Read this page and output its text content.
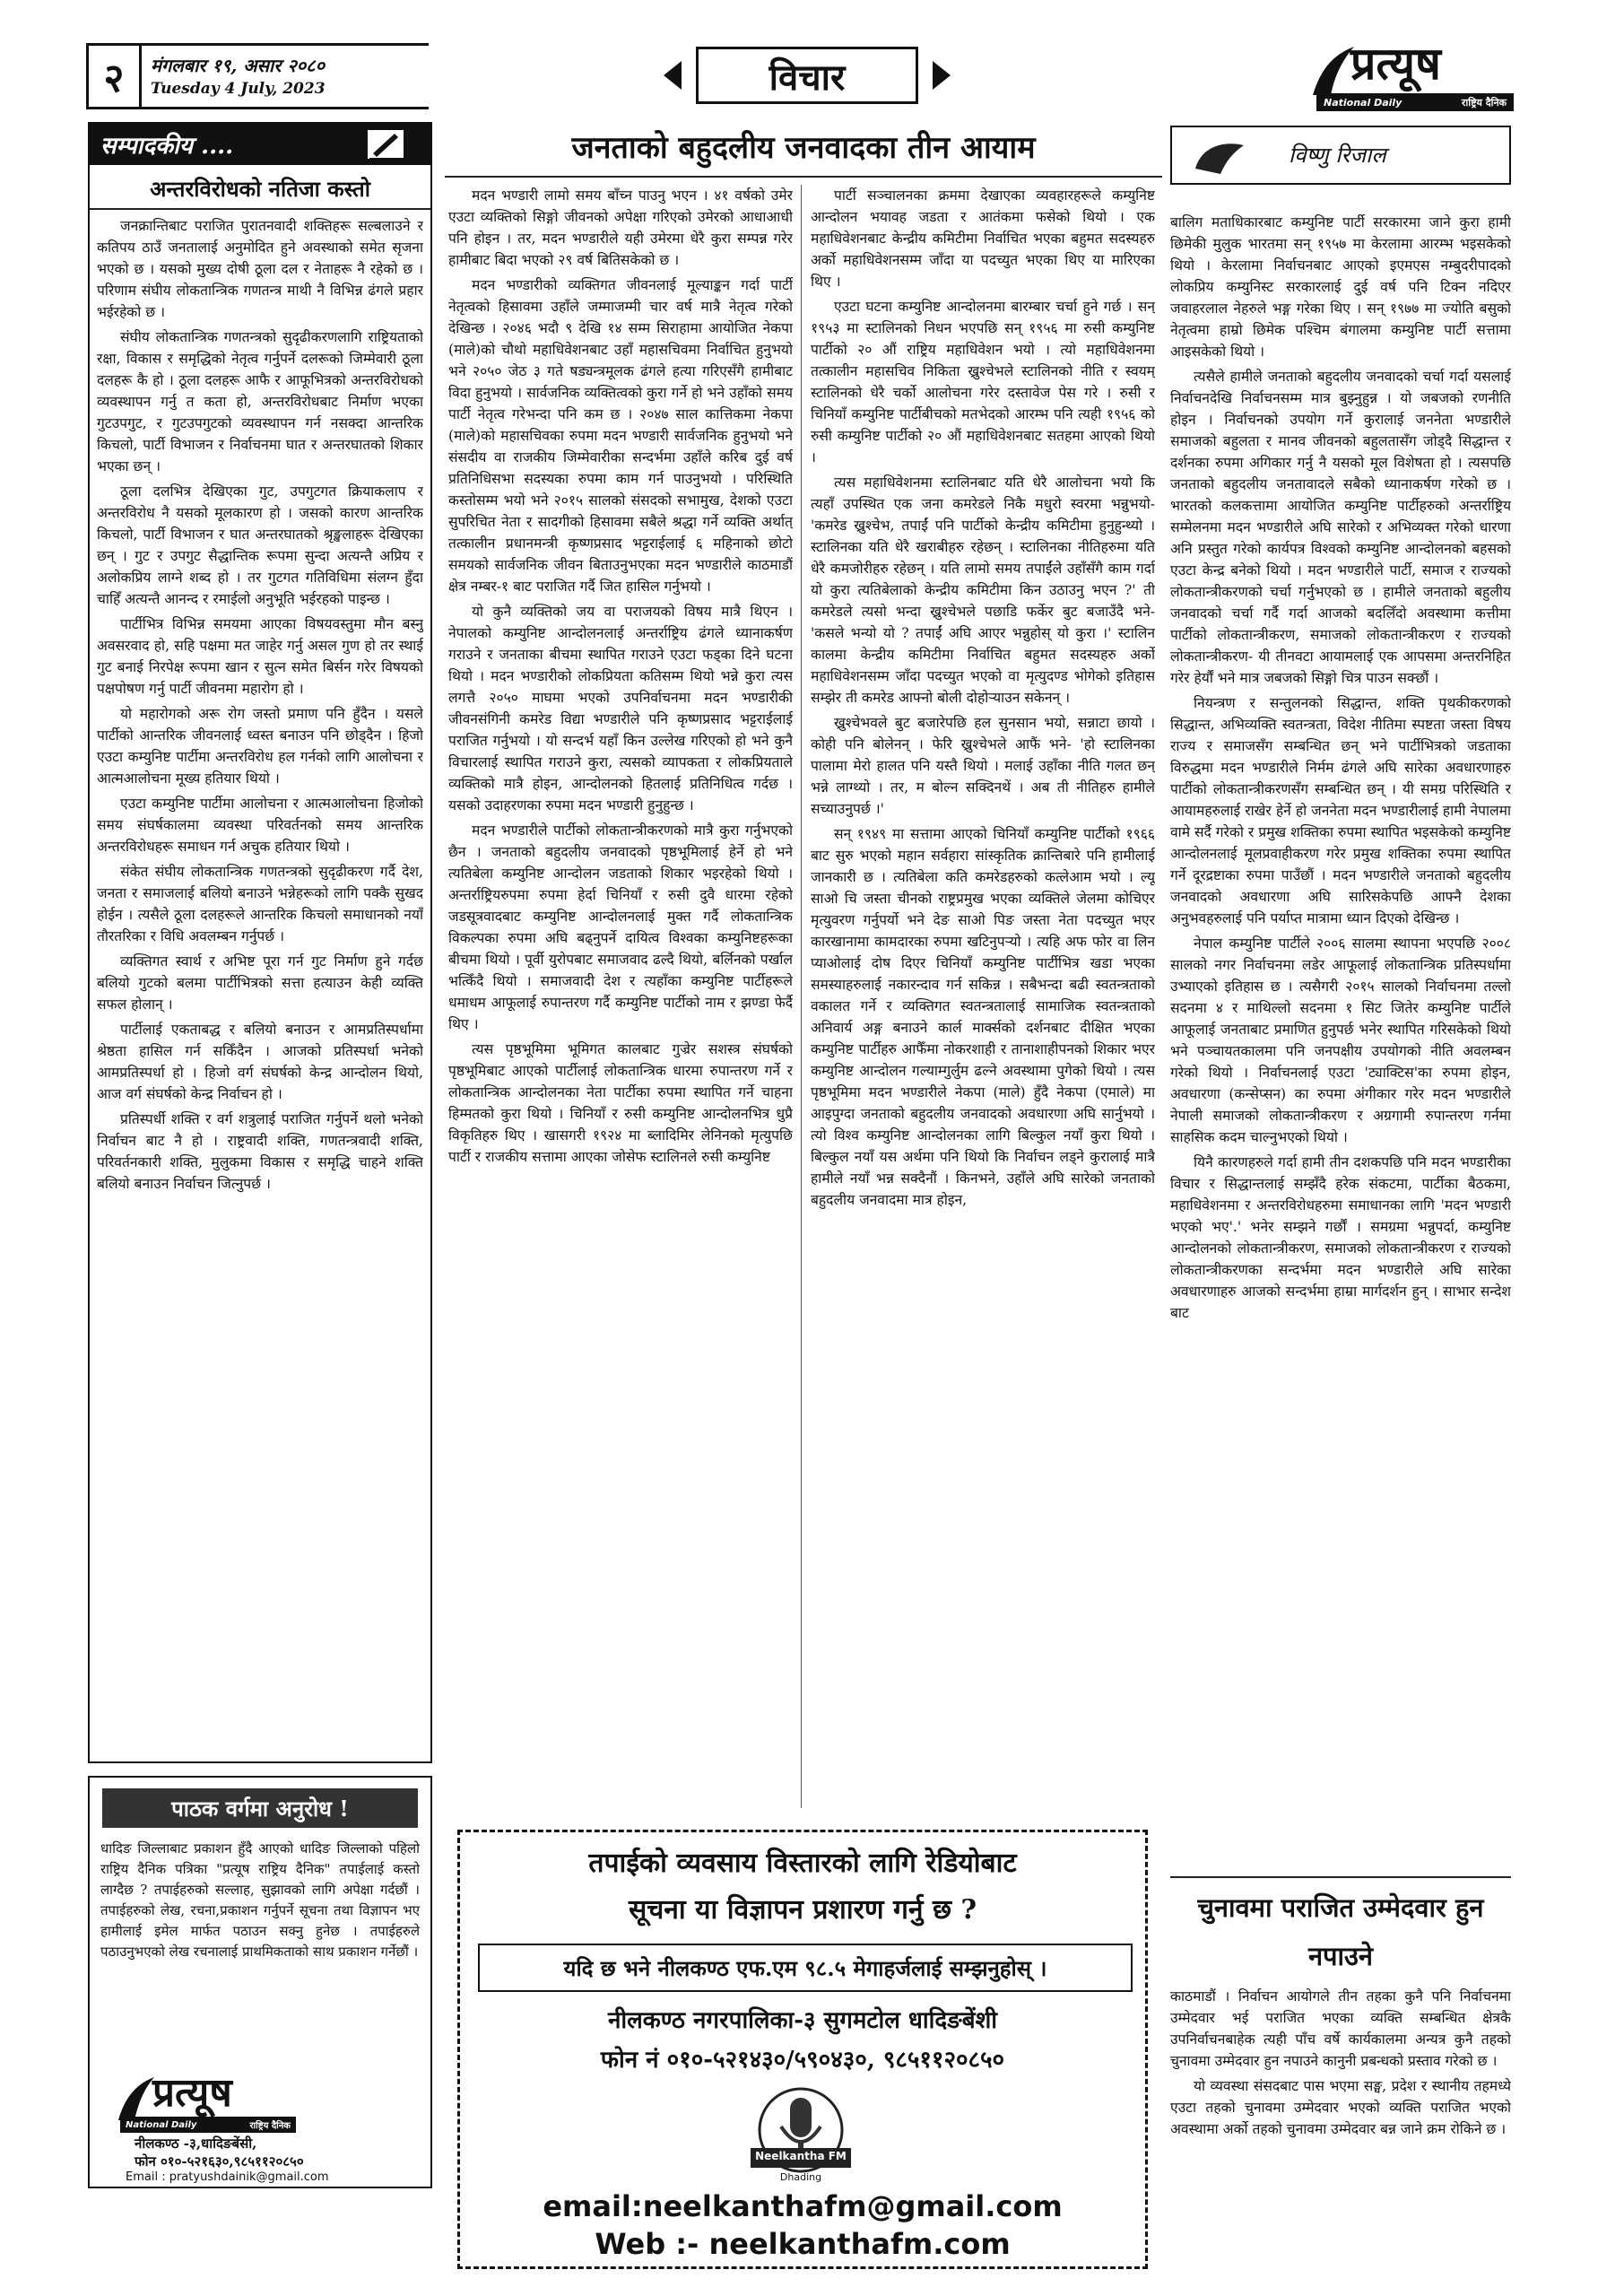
२ मंगलबार १९, असार २०८०
Tuesday 4 July, 2023	विचार	प्रत्यूष
National Daily	राष्ट्रिय दैनिक
सम्पादकीय ....
अन्तरविरोधको नतिजा कस्तो

जनक्रान्तिबाट पराजित पुरातनवादी शक्तिहरू सल्बलाउने र कतिपय ठाउँ जनतालाई अनुमोदित हुने अवस्थाको समेत सृजना भएको छ । यसको मुख्य दोषी ठूला दल र नेताहरू नै रहेको छ । परिणाम संघीय लोकतान्त्रिक गणतन्त्र माथी नै विभिन्न ढंगले प्रहार भईरहेको छ ।

संघीय लोकतान्त्रिक गणतन्त्रको सुदृढीकरणलागि राष्ट्रियताको रक्षा, विकास र समृद्धिको नेतृत्व गर्नुपर्ने दलरूको जिम्मेवारी ठूला दलहरू कै हो । ठूला दलहरू आफै र आफूभित्रको अन्तरविरोधको व्यवस्थापन गर्नु त कता हो, अन्तरविरोधबाट निर्माण भएका गुटउपगुट, र गुटउपगुटको व्यवस्थापन गर्न नसक्दा आन्तरिक किचलो, पार्टी विभाजन र निर्वाचनमा घात र अन्तरघातको शिकार भएका छन् ।

ठूला दलभित्र देखिएका गुट, उपगुटगत क्रियाकलाप र अन्तरविरोध नै यसको मूलकारण हो । जसको कारण आन्तरिक किचलो, पार्टी विभाजन र घात अन्तरघातको श्रृङ्खलाहरू देखिएका छन् । गुट र उपगुट सैद्धान्तिक रूपमा सुन्दा अत्यन्तै अप्रिय र अलोकप्रिय लाग्ने शब्द हो । तर गुटगत गतिविधिमा संलग्न हुँदा चाहिँ अत्यन्तै आनन्द र रमाईलो अनुभूति भईरहको पाइन्छ ।

पार्टीभित्र विभिन्न समयमा आएका विषयवस्तुमा मौन बस्नु अवसरवाद हो, सहि पक्षमा मत जाहेर गर्नु असल गुण हो तर स्थाई गुट बनाई निरपेक्ष रूपमा खान र सुत्न समेत बिर्सन गरेर विषयको पक्षपोषण गर्नु पार्टी जीवनमा महारोग हो ।

यो महारोगको अरू रोग जस्तो प्रमाण पनि हुँदैन । यसले पार्टीको आन्तरिक जीवनलाई ध्वस्त बनाउन पनि छोड्दैन । हिजो एउटा कम्युनिष्ट पार्टीमा अन्तरविरोध हल गर्नको लागि आलोचना र आत्मआलोचना मूख्य हतियार थियो ।

एउटा कम्युनिष्ट पार्टीमा आलोचना र आत्मआलोचना हिजोको समय संघर्षकालमा व्यवस्था परिवर्तनको समय आन्तरिक अन्तरविरोधहरू समाधन गर्न अचुक हतियार थियो ।

संकेत संघीय लोकतान्त्रिक गणतन्त्रको सुदृढीकरण गर्दै देश, जनता र समाजलाई बलियो बनाउने भन्नेहरूको लागि पक्कै सुखद होईन । त्यसैले ठूला दलहरूले आन्तरिक किचलो समाधानको नयाँ तौरतरिका र विधि अवलम्बन गर्नुपर्छ ।

व्यक्तिगत स्वार्थ र अभिष्ट पूरा गर्न गुट निर्माण हुने गर्दछ बलियो गुटको बलमा पार्टीभित्रको सत्ता हत्याउन केही व्यक्ति सफल होलान् ।

पार्टीलाई एकताबद्ध र बलियो बनाउन र आमप्रतिस्पर्धामा श्रेष्ठता हासिल गर्न सकिँदैन । आजको प्रतिस्पर्धा भनेको आमप्रतिस्पर्धा हो । हिजो वर्ग संघर्षको केन्द्र आन्दोलन थियो, आज वर्ग संघर्षको केन्द्र निर्वाचन हो ।

प्रतिस्पर्धी शक्ति र वर्ग शत्रुलाई पराजित गर्नुपर्ने थलो भनेको निर्वाचन बाट नै हो । राष्ट्रवादी शक्ति, गणतन्त्रवादी शक्ति, परिवर्तनकारी शक्ति, मुलुकमा विकास र समृद्धि चाहने शक्ति बलियो बनाउन निर्वाचन जित्नुपर्छ ।

पाठक वर्गमा अनुरोध !
धादिङ जिल्लाबाट प्रकाशन हुँदै आएको धादिङ जिल्लाको पहिलो राष्ट्रिय दैनिक पत्रिका "प्रत्यूष राष्ट्रिय दैनिक" तपाईलाई कस्तो लाग्दैछ ? तपाईहरुको सल्लाह, सुझावको लागि अपेक्षा गर्दछौं । तपाईहरुको लेख, रचना,प्रकाशन गर्नुपर्ने सूचना तथा विज्ञापन भए हामीलाई इमेल मार्फत पठाउन सक्नु हुनेछ । तपाईहरुले पठाउनुभएको लेख रचनालाई प्राथमिकताको साथ प्रकाशन गर्नेछौं ।
प्रत्यूष
National Daily	राष्ट्रिय दैनिक
नीलकण्ठ -३,धादिङबेंसी,
फोन ०१०-५२१६३०,९८५११२०८५०
Email : pratyushdainik@gmail.com
जनताको बहुदलीय जनवादका तीन आयाम

मदन भण्डारी लामो समय बाँच्न पाउनु भएन । ४१ वर्षको उमेर एउटा व्यक्तिको सिङ्गो जीवनको अपेक्षा गरिएको उमेरको आधाआधी पनि होइन । तर, मदन भण्डारीले यही उमेरमा धेरै कुरा सम्पन्न गरेर हामीबाट बिदा भएको २९ वर्ष बितिसकेको छ ।

मदन भण्डारीको व्यक्तिगत जीवनलाई मूल्याङ्कन गर्दा पार्टी नेतृत्वको हिसावमा उहाँले जम्माजम्मी चार वर्ष मात्रै नेतृत्व गरेको देखिन्छ । २०४६ भदौ ९ देखि १४ सम्म सिराहामा आयोजित नेकपा (माले)को चौथो महाधिवेशनबाट उहाँ महासचिवमा निर्वाचित हुनुभयो भने २०५० जेठ ३ गते षड्यन्त्रमूलक ढंगले हत्या गरिएसँगै हामीबाट विदा हुनुभयो । सार्वजनिक व्यक्तित्वको कुरा गर्ने हो भने उहाँको समय पार्टी नेतृत्व गरेभन्दा पनि कम छ । २०४७ साल कात्तिकमा नेकपा (माले)को महासचिवका रुपमा मदन भण्डारी सार्वजनिक हुनुभयो भने संसदीय वा राजकीय जिम्मेवारीका सन्दर्भमा उहाँले करिब दुई वर्ष प्रतिनिधिसभा सदस्यका रुपमा काम गर्न पाउनुभयो । परिस्थिति कस्तोसम्म भयो भने २०१५ सालको संसदको सभामुख, देशको एउटा सुपरिचित नेता र सादगीको हिसावमा सबैले श्रद्धा गर्ने व्यक्ति अर्थात् तत्कालीन प्रधानमन्त्री कृष्णप्रसाद भट्टराईलाई ६ महिनाको छोटो समयको सार्वजनिक जीवन बिताउनुभएका मदन भण्डारीले काठमाडौं क्षेत्र नम्बर-१ बाट पराजित गर्दै जित हासिल गर्नुभयो ।

यो कुनै व्यक्तिको जय वा पराजयको विषय मात्रै थिएन । नेपालको कम्युनिष्ट आन्दोलनलाई अन्तर्राष्ट्रिय ढंगले ध्यानाकर्षण गराउने र जनताका बीचमा स्थापित गराउने एउटा फड्का दिने घटना थियो । मदन भण्डारीको लोकप्रियता कतिसम्म थियो भन्ने कुरा त्यस लगत्तै २०५० माघमा भएको उपनिर्वाचनमा मदन भण्डारीकी जीवनसंगिनी कमरेड विद्या भण्डारीले पनि कृष्णप्रसाद भट्टराईलाई पराजित गर्नुभयो । यो सन्दर्भ यहाँ किन उल्लेख गरिएको हो भने कुनै विचारलाई स्थापित गराउने कुरा, त्यसको व्यापकता र लोकप्रियताले व्यक्तिको मात्रै होइन, आन्दोलनको हितलाई प्रतिनिधित्व गर्दछ । यसको उदाहरणका रुपमा मदन भण्डारी हुनुहुन्छ ।

मदन भण्डारीले पार्टीको लोकतान्त्रीकरणको मात्रै कुरा गर्नुभएको छैन । जनताको बहुदलीय जनवादको पृष्ठभूमिलाई हेर्ने हो भने त्यतिबेला कम्युनिष्ट आन्दोलन जडताको शिकार भइरहेको थियो । अन्तर्राष्ट्रियरुपमा रुपमा हेर्दा चिनियाँ र रुसी दुवै धारमा रहेको जडसूत्रवादबाट कम्युनिष्ट आन्दोलनलाई मुक्त गर्दै लोकतान्त्रिक विकल्पका रुपमा अघि बढ्नुपर्ने दायित्व विश्वका कम्युनिष्टहरूका बीचमा थियो । पूर्वी युरोपबाट समाजवाद ढल्दै थियो, बर्लिनको पर्खाल भत्किँदै थियो । समाजवादी देश र त्यहाँका कम्युनिष्ट पार्टीहरूले धमाधम आफूलाई रुपान्तरण गर्दै कम्युनिष्ट पार्टीको नाम र झण्डा फेर्दै थिए ।

त्यस पृष्ठभूमिमा भूमिगत कालबाट गुज्रेर सशस्त्र संघर्षको पृष्ठभूमिबाट आएको पार्टीलाई लोकतान्त्रिक धारमा रुपान्तरण गर्ने र लोकतान्त्रिक आन्दोलनका नेता पार्टीका रुपमा स्थापित गर्ने चाहना हिम्मतको कुरा थियो । चिनियाँ र रुसी कम्युनिष्ट आन्दोलनभित्र धुप्रै विकृतिहरु थिए । खासगरी १९२४ मा ब्लादिमिर लेनिनको मृत्युपछि पार्टी र राजकीय सत्तामा आएका जोसेफ स्टालिनले रुसी कम्युनिष्ट

पार्टी सञ्चालनका क्रममा देखाएका व्यवहारहरूले कम्युनिष्ट आन्दोलन भयावह जडता र आतंकमा फसेको थियो । एक महाधिवेशनबाट केन्द्रीय कमिटीमा निर्वाचित भएका बहुमत सदस्यहरु अर्को महाधिवेशनसम्म जाँदा या पदच्युत भएका थिए या मारिएका थिए ।

एउटा घटना कम्युनिष्ट आन्दोलनमा बारम्बार चर्चा हुने गर्छ । सन् १९५३ मा स्टालिनको निधन भएपछि सन् १९५६ मा रुसी कम्युनिष्ट पार्टीको २० औं राष्ट्रिय महाधिवेशन भयो । त्यो महाधिवेशनमा तत्कालीन महासचिव निकिता ख्रुश्चेभले स्टालिनको नीति र स्वयम् स्टालिनको धेरै चर्को आलोचना गरेर दस्तावेज पेस गरे । रुसी र चिनियाँ कम्युनिष्ट पार्टीबीचको मतभेदको आरम्भ पनि त्यही १९५६ को रुसी कम्युनिष्ट पार्टीको २० औं महाधिवेशनबाट सतहमा आएको थियो ।

त्यस महाधिवेशनमा स्टालिनबाट यति धेरै आलोचना भयो कि त्यहाँ उपस्थित एक जना कमरेडले निकै मधुरो स्वरमा भन्नुभयो- 'कमरेड ख्रुश्चेभ, तपाईं पनि पार्टीको केन्द्रीय कमिटीमा हुनुहुन्थ्यो । स्टालिनका यति धेरै खराबीहरु रहेछन् । स्टालिनका नीतिहरुमा यति धेरै कमजोरीहरु रहेछन् । यति लामो समय तपाईंले उहाँसँगै काम गर्दा यो कुरा त्यतिबेलाको केन्द्रीय कमिटीमा किन उठाउनु भएन ?' ती कमरेडले त्यसो भन्दा ख्रुश्चेभले पछाडि फर्केर बुट बजाउँदै भने- 'कसले भन्यो यो ? तपाईं अघि आएर भन्नुहोस् यो कुरा ।' स्टालिन कालमा केन्द्रीय कमिटीमा निर्वाचित बहुमत सदस्यहरु अर्को महाधिवेशनसम्म जाँदा पदच्युत भएको वा मृत्युदण्ड भोगेको इतिहास सम्झेर ती कमरेड आफ्नो बोली दोहोर्‍याउन सकेनन् ।

ख्रुश्चेभवले बुट बजारेपछि हल सुनसान भयो, सन्नाटा छायो । कोही पनि बोलेनन् । फेरि ख्रुश्चेभले आफैं भने- 'हो स्टालिनका पालामा मेरो हालत पनि यस्तै थियो । मलाई उहाँका नीति गलत छन् भन्ने लाग्थ्यो । तर, म बोल्न सक्दिनथें । अब ती नीतिहरु हामीले सच्याउनुपर्छ ।'

सन् १९४९ मा सत्तामा आएको चिनियाँ कम्युनिष्ट पार्टीको १९६६ बाट सुरु भएको महान सर्वहारा सांस्कृतिक क्रान्तिबारे पनि हामीलाई जानकारी छ । त्यतिबेला कति कमरेडहरुको कत्लेआम भयो । ल्यू साओ चि जस्ता चीनको राष्ट्रप्रमुख भएका व्यक्तिले जेलमा कोचिएर मृत्युवरण गर्नुपर्यो भने देङ साओ पिङ जस्ता नेता पदच्युत भएर कारखानामा कामदारका रुपमा खटिनुपर्‍यो । त्यहि अफ फोर वा लिन प्याओलाई दोष दिएर चिनियाँ कम्युनिष्ट पार्टीभित्र खडा भएका समस्याहरुलाई नकारन्दाव गर्न सकिन्न । सबैभन्दा बढी स्वतन्त्रताको वकालत गर्ने र व्यक्तिगत स्वतन्त्रतालाई सामाजिक स्वतन्त्रताको अनिवार्य अङ्ग बनाउने कार्ल मार्क्सको दर्शनबाट दीक्षित भएका कम्युनिष्ट पार्टीहरु आफैँमा नोकरशाही र तानाशाहीपनको शिकार भएर कम्युनिष्ट आन्दोलन गल्याम्गुर्लुम ढल्ने अवस्थामा पुगेको थियो । त्यस पृष्ठभूमिमा मदन भण्डारीले नेकपा (माले) हुँदै नेकपा (एमाले) मा आइपुग्दा जनताको बहुदलीय जनवादको अवधारणा अघि सार्नुभयो । त्यो विश्व कम्युनिष्ट आन्दोलनका लागि बिल्कुल नयाँ कुरा थियो । बिल्कुल नयाँ यस अर्थमा पनि थियो कि निर्वाचन लड्ने कुरालाई मात्रै हामीले नयाँ भन्न सक्दैनौं । किनभने, उहाँले अघि सारेको जनताको बहुदलीय जनवादमा मात्र होइन,

तपाईको व्यवसाय विस्तारको लागि रेडियोबाट
सूचना या विज्ञापन प्रशारण गर्नु छ ?
यदि छ भने नीलकण्ठ एफ.एम ९८.५ मेगाहर्जलाई सम्झनुहोस् ।
नीलकण्ठ नगरपालिका-३ सुगमटोल धादिङबेंशी
फोन नं ०१०-५२१४३०/५९०४३०, ९८५११२०८५०
Neelkantha FM
Dhading
email:neelkanthafm@gmail.com
Web :- neelkanthafm.com
विष्णु रिजाल

बालिग मताधिकारबाट कम्युनिष्ट पार्टी सरकारमा जाने कुरा हामी छिमेकी मुलुक भारतमा सन् १९५७ मा केरलामा आरम्भ भइसकेको थियो । केरलामा निर्वाचनबाट आएको इएमएस नम्बुदरीपादको लोकप्रिय कम्युनिस्ट सरकारलाई दुई वर्ष पनि टिक्न नदिएर जवाहरलाल नेहरुले भङ्ग गरेका थिए । सन् १९७७ मा ज्योति बसुको नेतृत्वमा हाम्रो छिमेक पश्चिम बंगालमा कम्युनिष्ट पार्टी सत्तामा आइसकेको थियो ।

त्यसैले हामीले जनताको बहुदलीय जनवादको चर्चा गर्दा यसलाई निर्वाचनदेखि निर्वाचनसम्म मात्र बुझ्नुहुन्न । यो जबजको रणनीति होइन । निर्वाचनको उपयोग गर्ने कुरालाई जननेता भण्डारीले समाजको बहुलता र मानव जीवनको बहुलतासँग जोड्दै सिद्धान्त र दर्शनका रुपमा अगिकार गर्नु नै यसको मूल विशेषता हो । त्यसपछि जनताको बहुदलीय जनतावादले सबैको ध्यानाकर्षण गरेको छ । भारतको कलकत्तामा आयोजित कम्युनिष्ट पार्टीहरुको अन्तर्राष्ट्रिय सम्मेलनमा मदन भण्डारीले अघि सारेको र अभिव्यक्त गरेको धारणा अनि प्रस्तुत गरेको कार्यपत्र विश्वको कम्युनिष्ट आन्दोलनको बहसको एउटा केन्द्र बनेको थियो । मदन भण्डारीले पार्टी, समाज र राज्यको लोकतान्त्रीकरणको चर्चा गर्नुभएको छ । हामीले जनताको बहुलीय जनवादको चर्चा गर्दै गर्दा आजको बदलिँदो अवस्थामा कत्तीमा पार्टीको लोकतान्त्रीकरण, समाजको लोकतान्त्रीकरण र राज्यको लोकतान्त्रीकरण- यी तीनवटा आयामलाई एक आपसमा अन्तरनिहित गरेर हेर्यौं भने मात्र जबजको सिङ्गो चित्र पाउन सक्छौं ।

नियन्त्रण र सन्तुलनको सिद्धान्त, शक्ति पृथकीकरणको सिद्धान्त, अभिव्यक्ति स्वतन्त्रता, विदेश नीतिमा स्पष्टता जस्ता विषय राज्य र समाजसँग सम्बन्धित छन् भने पार्टीभित्रको जडताका विरुद्धमा मदन भण्डारीले निर्मम ढंगले अघि सारेका अवधारणाहरु पार्टीको लोकतान्त्रीकरणसँग सम्बन्धित छन् । यी समग्र परिस्थिति र आयामहरुलाई राखेर हेर्ने हो जननेता मदन भण्डारीलाई हामी नेपालमा वामे सर्दै गरेको र प्रमुख शक्तिका रुपमा स्थापित भइसकेको कम्युनिष्ट आन्दोलनलाई मूलप्रवाहीकरण गरेर प्रमुख शक्तिका रुपमा स्थापित गर्ने दूरद्रष्टाका रुपमा पाउँछौं । मदन भण्डारीले जनताको बहुदलीय जनवादको अवधारणा अघि सारिसकेपछि आफ्नै देशका अनुभवहरुलाई पनि पर्याप्त मात्रामा ध्यान दिएको देखिन्छ ।

नेपाल कम्युनिष्ट पार्टीले २००६ सालमा स्थापना भएपछि २००८ सालको नगर निर्वाचनमा लडेर आफूलाई लोकतान्त्रिक प्रतिस्पर्धामा उभ्याएको इतिहास छ । त्यसैगरी २०१५ सालको निर्वाचनमा तल्लो सदनमा ४ र माथिल्लो सदनमा १ सिट जितेर कम्युनिष्ट पार्टीले आफूलाई जनताबाट प्रमाणित हुनुपर्छ भनेर स्थापित गरिसकेको थियो भने पञ्चायतकालमा पनि जनपक्षीय उपयोगको नीति अवलम्बन गरेको थियो । निर्वाचनलाई एउटा 'ट्याक्टिस'का रुपमा होइन, अवधारणा (कन्सेप्सन) का रुपमा अंगीकार गरेर मदन भण्डारीले नेपाली समाजको लोकतान्त्रीकरण र अग्रगामी रुपान्तरण गर्नमा साहसिक कदम चाल्नुभएको थियो ।

यिनै कारणहरुले गर्दा हामी तीन दशकपछि पनि मदन भण्डारीका विचार र सिद्धान्तलाई सम्झँदै हरेक संकटमा, पार्टीका बैठकमा, महाधिवेशनमा र अन्तरविरोधहरुमा समाधानका लागि 'मदन भण्डारी भएको भए'.' भनेर सम्झने गर्छौं । समग्रमा भन्नुपर्दा, कम्युनिष्ट आन्दोलनको लोकतान्त्रीकरण, समाजको लोकतान्त्रीकरण र राज्यको लोकतान्त्रीकरणका सन्दर्भमा मदन भण्डारीले अघि सारेका अवधारणाहरु आजको सन्दर्भमा हाम्रा मार्गदर्शन हुन् । साभार सन्देश बाट

चुनावमा पराजित उम्मेदवार हुन नपाउने

काठमाडौं । निर्वाचन आयोगले तीन तहका कुनै पनि निर्वाचनमा उम्मेदवार भई पराजित भएका व्यक्ति सम्बन्धित क्षेत्रकै उपनिर्वाचनबाहेक त्यही पाँच वर्षे कार्यकालमा अन्यत्र कुनै तहको चुनावमा उम्मेदवार हुन नपाउने कानुनी प्रबन्धको प्रस्ताव गरेको छ ।

यो व्यवस्था संसदबाट पास भएमा सङ्घ, प्रदेश र स्थानीय तहमध्ये एउटा तहको चुनावमा उम्मेदवार भएको व्यक्ति पराजित भएको अवस्थामा अर्को तहको चुनावमा उम्मेदवार बन्न जाने क्रम रोकिने छ ।
